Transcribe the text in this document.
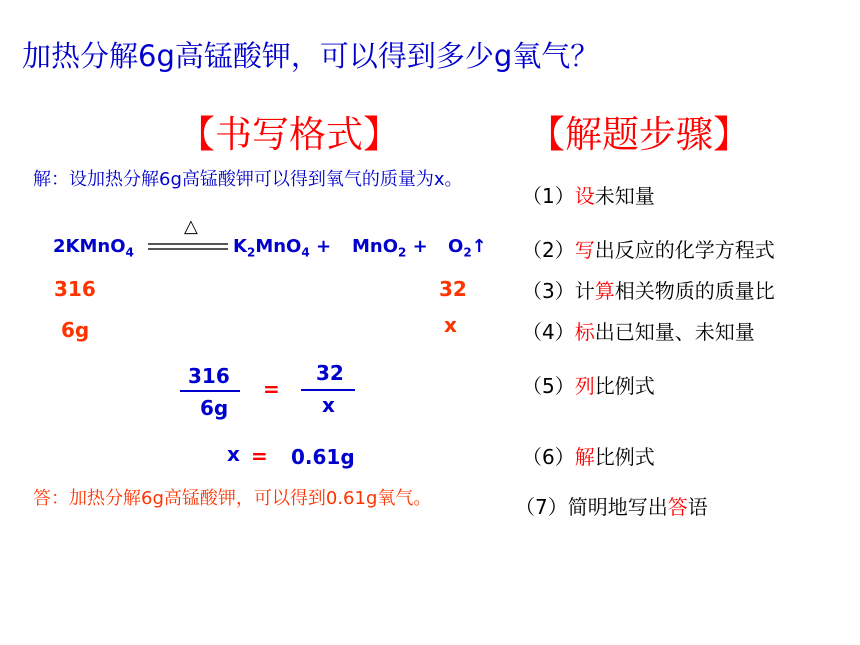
加热分解6g高锰酸钾，可以得到多少g氧气？
【书写格式】	【解题步骤】
解：设加热分解6g高锰酸钾可以得到氧气的质量为x。
2KMnO$_4$
△
$K_2MnO_4 + MnO_2$ + $O_2↑$
316	32
6g	x
316
6g
=
32
x
x = 0.61g
答：加热分解6g高锰酸钾，可以得到0.61g氧气。
（1）设未知量
（2）写出反应的化学方程式
（3）计算相关物质的质量比
（4）标出已知量、未知量
（5）列比例式
（6）解比例式
（7）简明地写出答语
